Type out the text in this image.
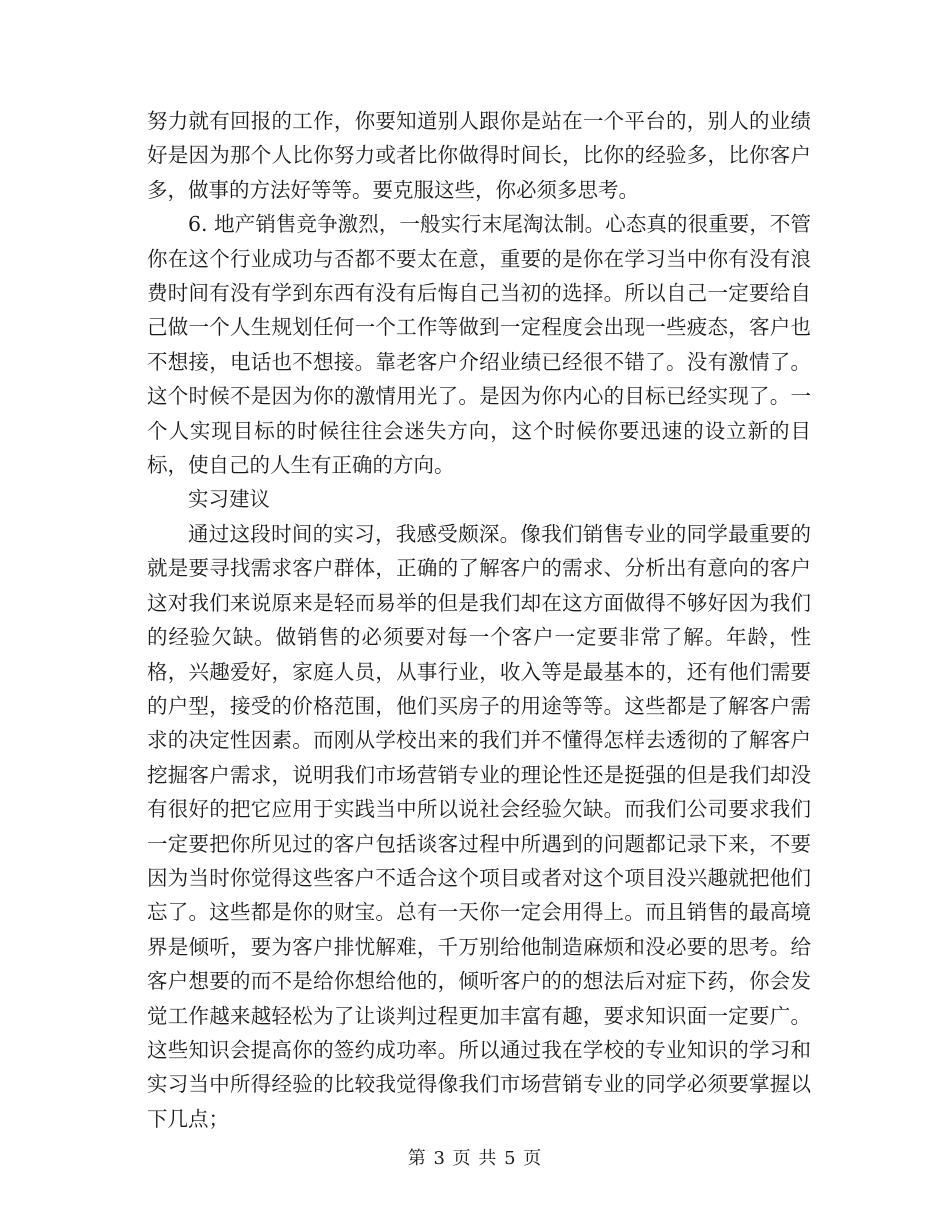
努力就有回报的工作，你要知道别人跟你是站在一个平台的，别人的业绩好是因为那个人比你努力或者比你做得时间长，比你的经验多，比你客户多，做事的方法好等等。要克服这些，你必须多思考。

6. 地产销售竞争激烈，一般实行末尾淘汰制。心态真的很重要，不管你在这个行业成功与否都不要太在意，重要的是你在学习当中你有没有浪费时间有没有学到东西有没有后悔自己当初的选择。所以自己一定要给自己做一个人生规划任何一个工作等做到一定程度会出现一些疲态，客户也不想接，电话也不想接。靠老客户介绍业绩已经很不错了。没有激情了。这个时候不是因为你的激情用光了。是因为你内心的目标已经实现了。一个人实现目标的时候往往会迷失方向，这个时候你要迅速的设立新的目标，使自己的人生有正确的方向。

实习建议

通过这段时间的实习，我感受颇深。像我们销售专业的同学最重要的就是要寻找需求客户群体，正确的了解客户的需求、分析出有意向的客户这对我们来说原来是轻而易举的但是我们却在这方面做得不够好因为我们的经验欠缺。做销售的必须要对每一个客户一定要非常了解。年龄，性格，兴趣爱好，家庭人员，从事行业，收入等是最基本的，还有他们需要的户型，接受的价格范围，他们买房子的用途等等。这些都是了解客户需求的决定性因素。而刚从学校出来的我们并不懂得怎样去透彻的了解客户挖掘客户需求，说明我们市场营销专业的理论性还是挺强的但是我们却没有很好的把它应用于实践当中所以说社会经验欠缺。而我们公司要求我们一定要把你所见过的客户包括谈客过程中所遇到的问题都记录下来，不要因为当时你觉得这些客户不适合这个项目或者对这个项目没兴趣就把他们忘了。这些都是你的财宝。总有一天你一定会用得上。而且销售的最高境界是倾听，要为客户排忧解难，千万别给他制造麻烦和没必要的思考。给客户想要的而不是给你想给他的，倾听客户的的想法后对症下药，你会发觉工作越来越轻松为了让谈判过程更加丰富有趣，要求知识面一定要广。这些知识会提高你的签约成功率。所以通过我在学校的专业知识的学习和实习当中所得经验的比较我觉得像我们市场营销专业的同学必须要掌握以下几点；

第 3 页 共 5 页
